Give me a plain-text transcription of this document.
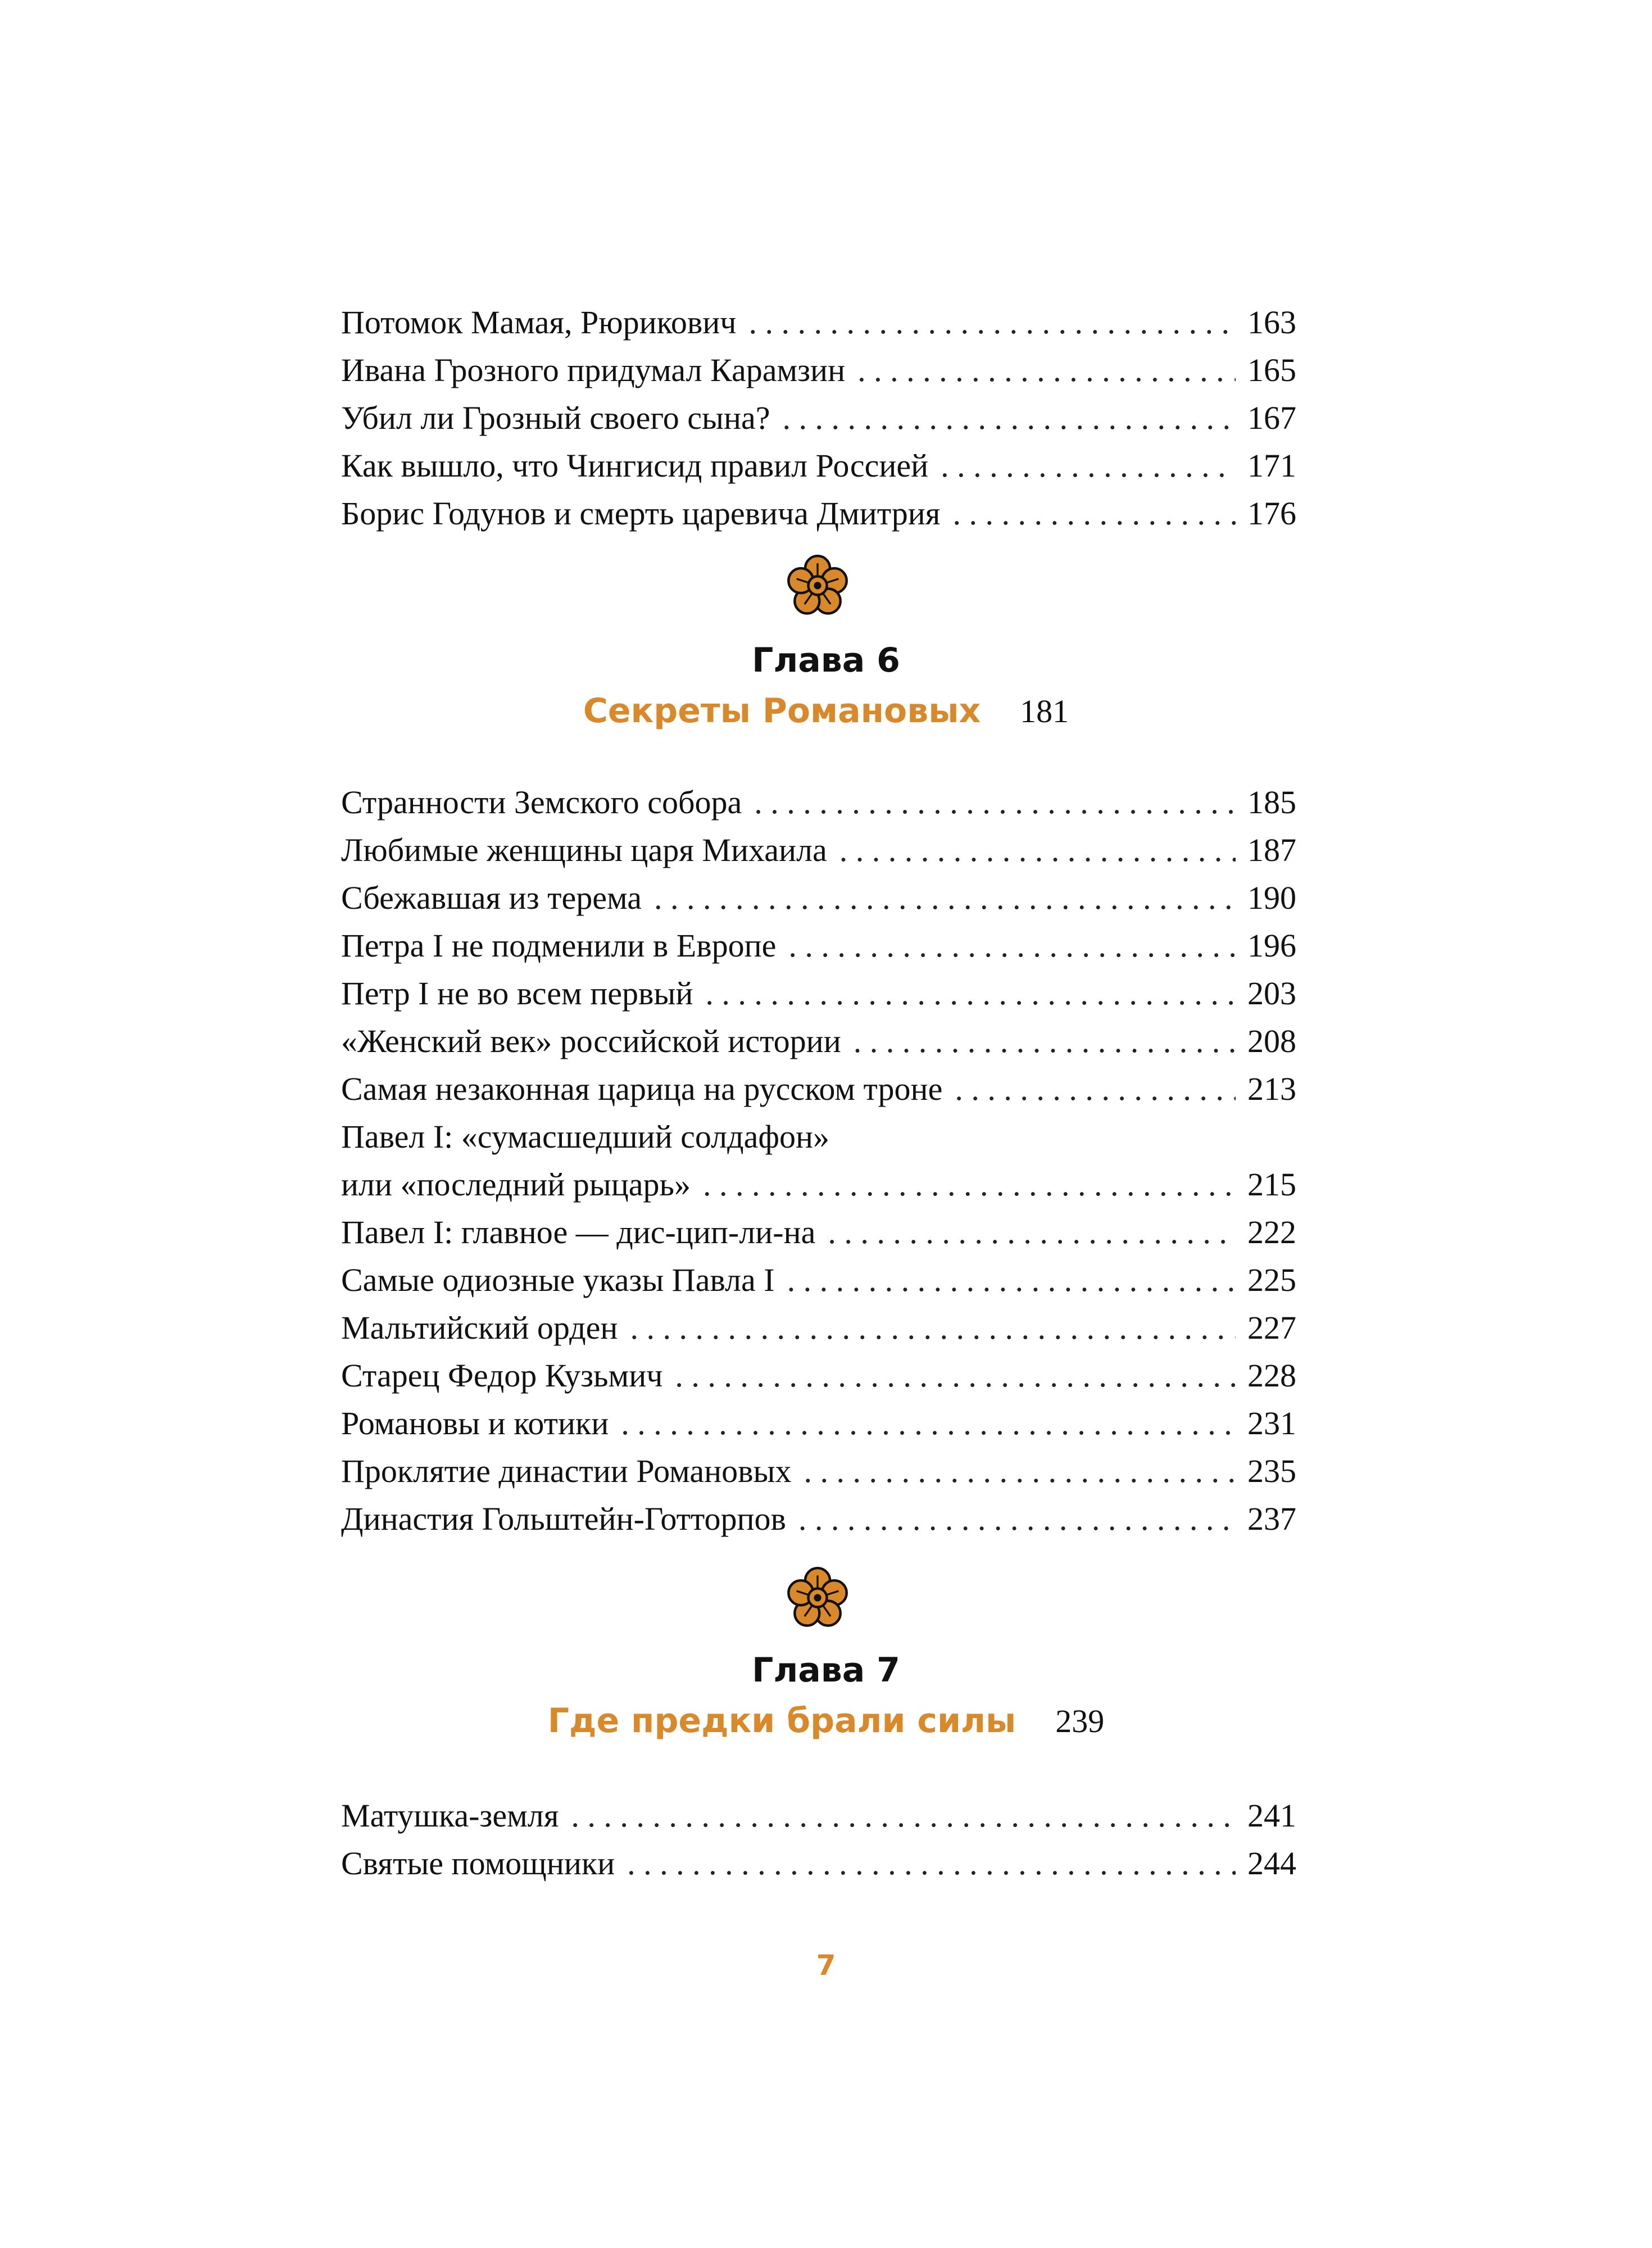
Потомок Мамая, Рюрикович . . .	163
Ивана Грозного придумал Карамзин . . .	165
Убил ли Грозный своего сына? . . .	167
Как вышло, что Чингисид правил Россией . . .	171
Борис Годунов и смерть царевича Дмитрия . . .	176
Глава 6
Секреты Романовых 181
Странности Земского собора . . .	185
Любимые женщины царя Михаила . . .	187
Сбежавшая из терема . . .	190
Петра I не подменили в Европе . . .	196
Петр I не во всем первый . . .	203
«Женский век» российской истории . . .	208
Самая незаконная царица на русском троне . . .	213
Павел I: «сумасшедший солдафон»
или «последний рыцарь» . . .	215
Павел I: главное — дис-цип-ли-на . . .	222
Самые одиозные указы Павла I . . .	225
Мальтийский орден . . .	227
Старец Федор Кузьмич . . .	228
Романовы и котики . . .	231
Проклятие династии Романовых . . .	235
Династия Гольштейн-Готторпов . . .	237
Глава 7
Где предки брали силы 239
Матушка-земля . . .	241
Святые помощники . . .	244
7
